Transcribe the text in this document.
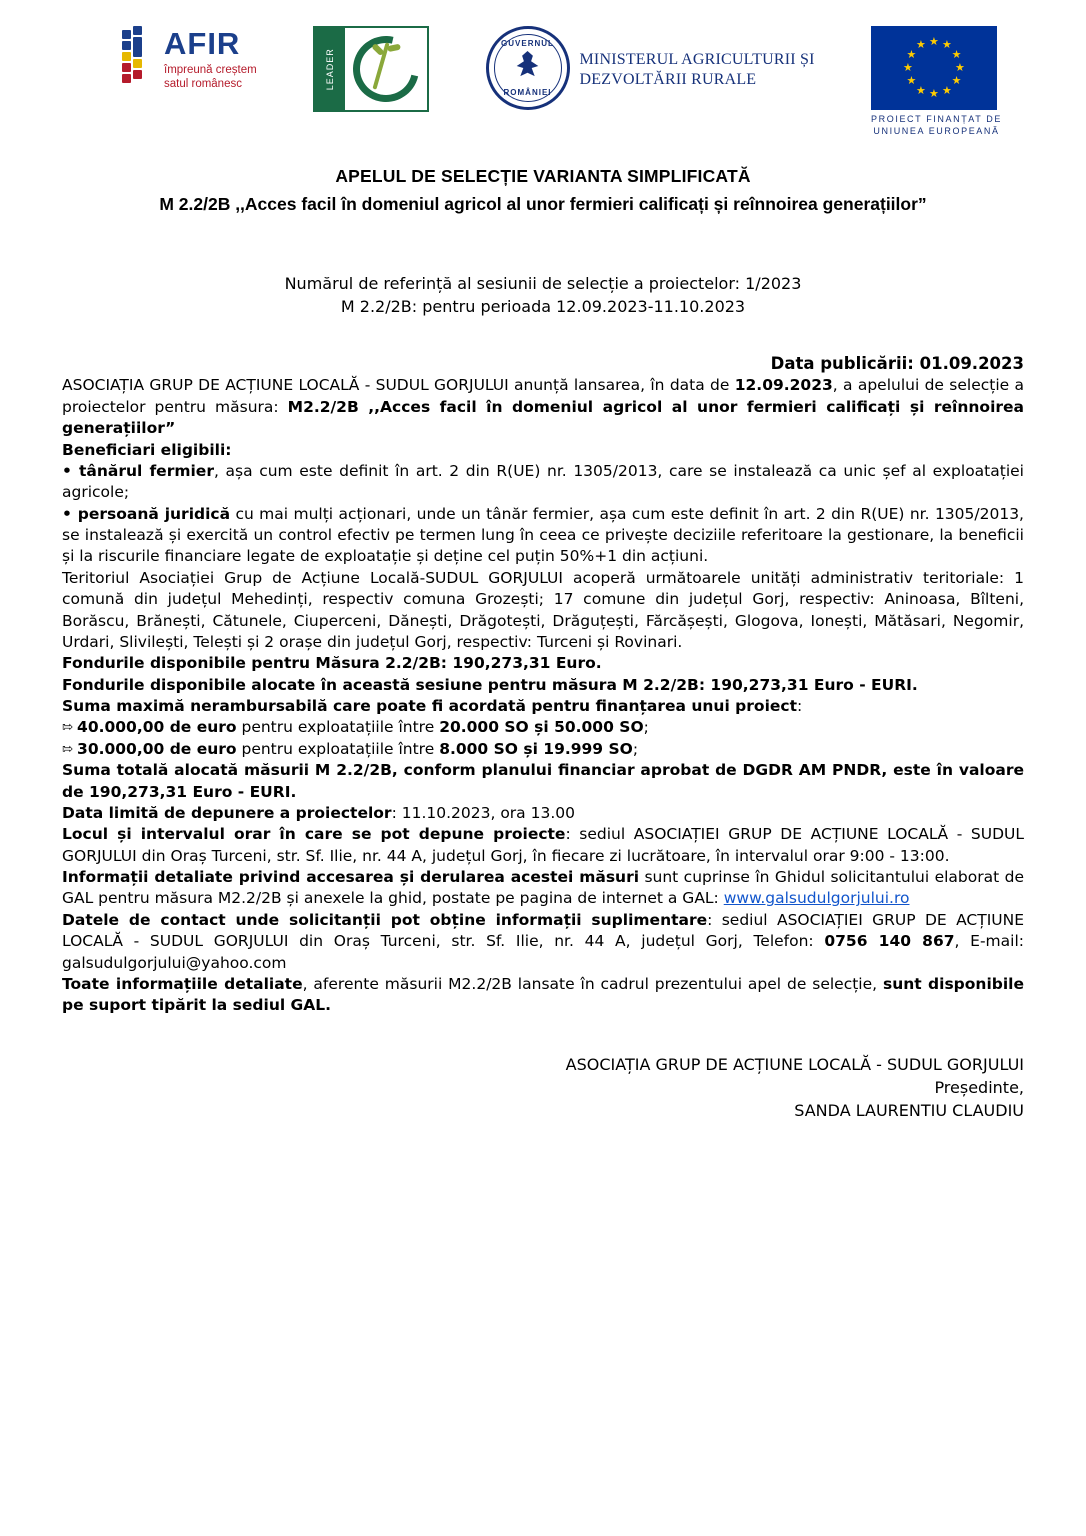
AFIR
împreună creștem
satul românesc	LEADER
GUVERNUL
ROMÂNIEI
MINISTERUL AGRICULTURII ȘI
DEZVOLTĂRII RURALE
★ ★
★
★
★
★
★
★
★
★
★
★
PROIECT FINANȚAT DE
UNIUNEA EUROPEANĂ
APELUL DE SELECȚIE VARIANTA SIMPLIFICATĂ
M 2.2/2B ,,Acces facil în domeniul agricol al unor fermieri calificați și reînnoirea generațiilor”
Numărul de referință al sesiunii de selecție a proiectelor: 1/2023
M 2.2/2B: pentru perioada 12.09.2023-11.10.2023
Data publicării: 01.09.2023

ASOCIAȚIA GRUP DE ACȚIUNE LOCALĂ - SUDUL GORJULUI anunță lansarea, în data de 12.09.2023, a apelului de selecție a proiectelor pentru măsura: M2.2/2B ,,Acces facil în domeniul agricol al unor fermieri calificați și reînnoirea generațiilor”

Beneficiari eligibili:

• tânărul fermier, așa cum este definit în art. 2 din R(UE) nr. 1305/2013, care se instalează ca unic șef al exploatației agricole;

• persoană juridică cu mai mulți acționari, unde un tânăr fermier, așa cum este definit în art. 2 din R(UE) nr. 1305/2013, se instalează și exercită un control efectiv pe termen lung în ceea ce privește deciziile referitoare la gestionare, la beneficii și la riscurile financiare legate de exploatație și deține cel puțin 50%+1 din acțiuni.

Teritoriul Asociației Grup de Acțiune Locală-SUDUL GORJULUI acoperă următoarele unități administrativ teritoriale: 1 comună din județul Mehedinți, respectiv comuna Grozești; 17 comune din județul Gorj, respectiv: Aninoasa, Bîlteni, Borăscu, Brănești, Cătunele, Ciuperceni, Dănești, Drăgotești, Drăguțești, Fărcășești, Glogova, Ionești, Mătăsari, Negomir, Urdari, Slivilești, Telești și 2 orașe din județul Gorj, respectiv: Turceni și Rovinari.

Fondurile disponibile pentru Măsura 2.2/2B: 190,273,31 Euro.

Fondurile disponibile alocate în această sesiune pentru măsura M 2.2/2B: 190,273,31 Euro - EURI.

Suma maximă nerambursabilă care poate fi acordată pentru finanțarea unui proiect:

⇰ 40.000,00 de euro pentru exploatațiile între 20.000 SO și 50.000 SO;

⇰ 30.000,00 de euro pentru exploatațiile între 8.000 SO și 19.999 SO;

Suma totală alocată măsurii M 2.2/2B, conform planului financiar aprobat de DGDR AM PNDR, este în valoare de 190,273,31 Euro - EURI.

Data limită de depunere a proiectelor: 11.10.2023, ora 13.00

Locul și intervalul orar în care se pot depune proiecte: sediul ASOCIAȚIEI GRUP DE ACȚIUNE LOCALĂ - SUDUL GORJULUI din Oraș Turceni, str. Sf. Ilie, nr. 44 A, județul Gorj, în fiecare zi lucrătoare, în intervalul orar 9:00 - 13:00.

Informații detaliate privind accesarea și derularea acestei măsuri sunt cuprinse în Ghidul solicitantului elaborat de GAL pentru măsura M2.2/2B și anexele la ghid, postate pe pagina de internet a GAL: www.galsudulgorjului.ro

Datele de contact unde solicitanții pot obține informații suplimentare: sediul ASOCIAȚIEI GRUP DE ACȚIUNE LOCALĂ - SUDUL GORJULUI din Oraș Turceni, str. Sf. Ilie, nr. 44 A, județul Gorj, Telefon: 0756 140 867, E-mail: galsudulgorjului@yahoo.com

Toate informațiile detaliate, aferente măsurii M2.2/2B lansate în cadrul prezentului apel de selecție, sunt disponibile pe suport tipărit la sediul GAL.

ASOCIAȚIA GRUP DE ACȚIUNE LOCALĂ - SUDUL GORJULUI
Președinte,
SANDA LAURENTIU CLAUDIU
